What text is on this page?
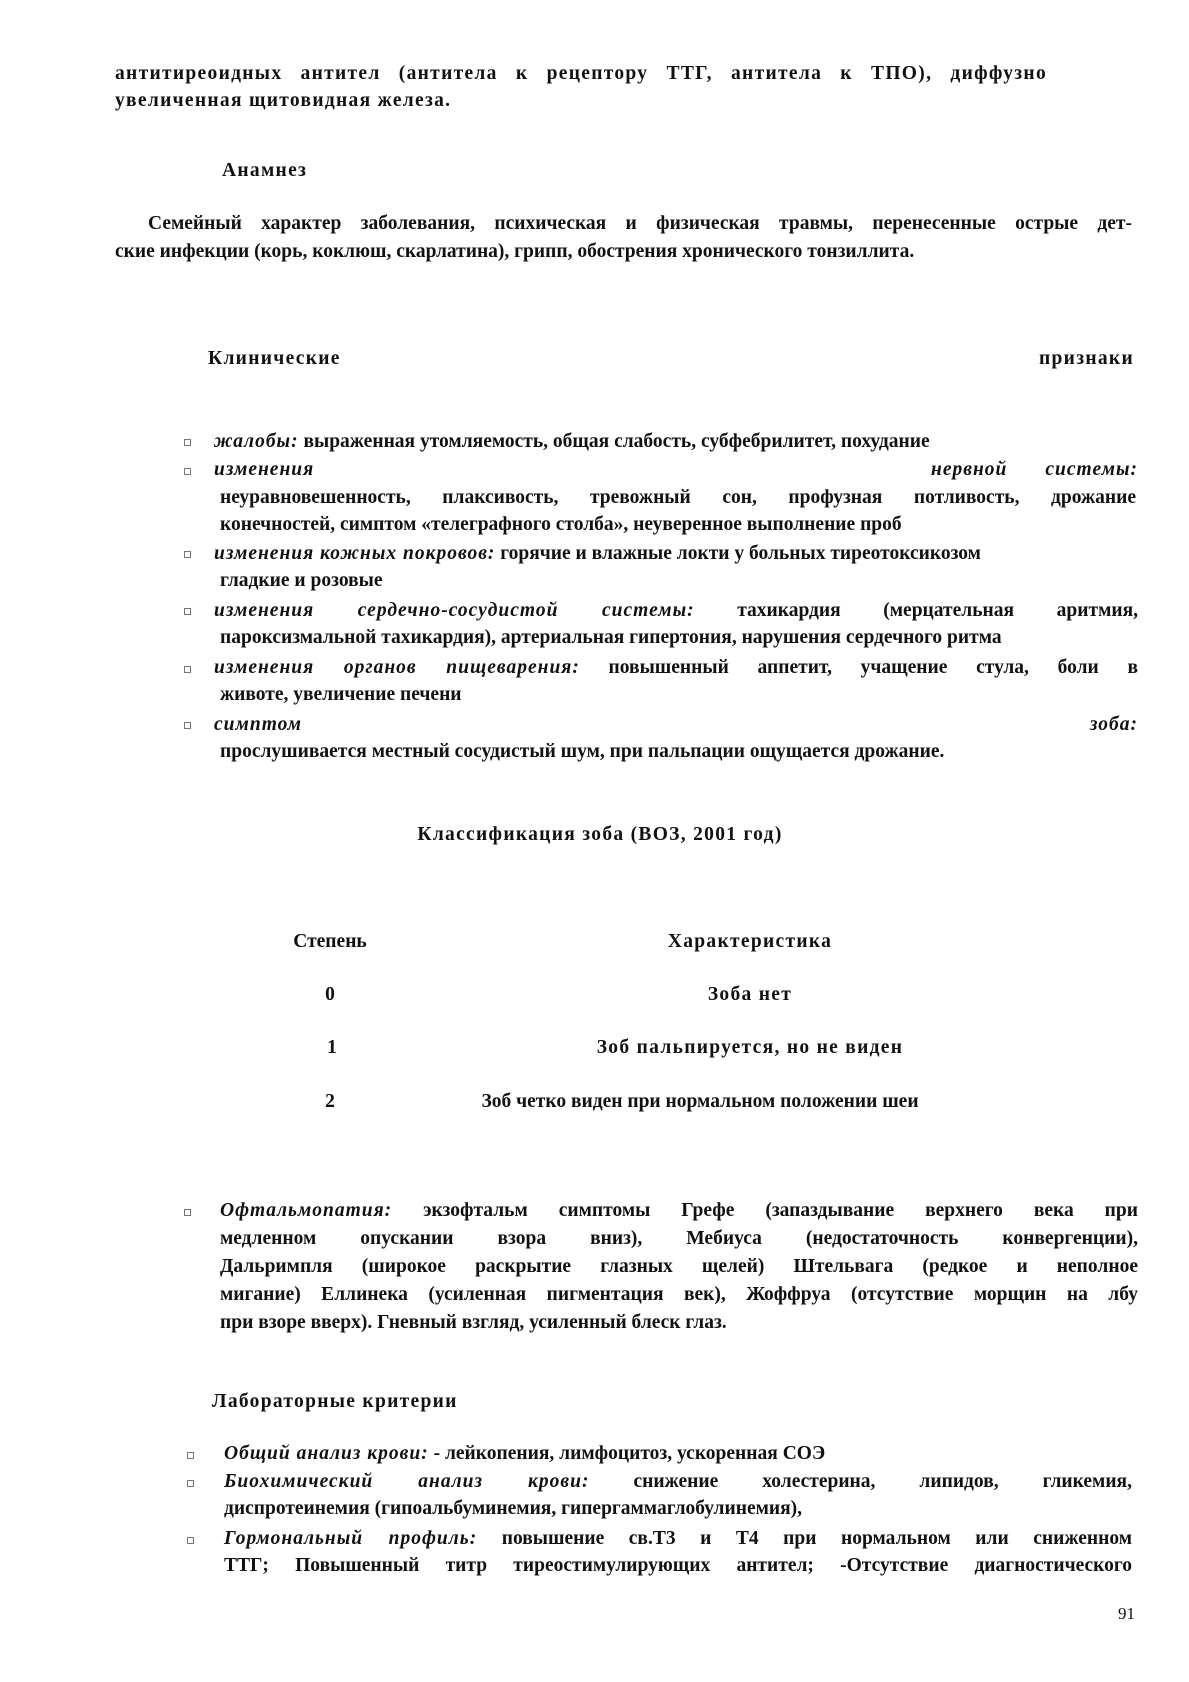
антитиреоидных антител (антитела к рецептору ТТГ, антитела к ТПО), диффузно
увеличенная щитовидная железа.
Анамнез
Семейный характер заболевания, психическая и физическая травмы, перенесенные острые дет-
ские инфекции (корь, коклюш, скарлатина), грипп, обострения хронического тонзиллита.
Клинические	признаки
жалобы: выраженная утомляемость, общая слабость, субфебрилитет, похудание
изменения	нервной системы:
неуравновешенность, плаксивость, тревожный сон, профузная потливость, дрожание
конечностей, симптом «телеграфного столба», неуверенное выполнение проб
изменения кожных покровов: горячие и влажные локти у больных тиреотоксикозом
гладкие и розовые
изменения сердечно-сосудистой системы: тахикардия (мерцательная аритмия,
пароксизмальной тахикардия), артериальная гипертония, нарушения сердечного ритма
изменения органов пищеварения: повышенный аппетит, учащение стула, боли в
животе, увеличение печени
симптом	зоба:
прослушивается местный сосудистый шум, при пальпации ощущается дрожание.
Классификация зоба (ВОЗ, 2001 год)
Степень	Характеристика
0	Зоба нет
1	Зоб пальпируется, но не виден
2	Зоб четко виден при нормальном положении шеи
Офтальмопатия: экзофтальм симптомы Грефе (запаздывание верхнего века при
медленном опускании взора вниз), Мебиуса (недостаточность конвергенции),
Дальримпля (широкое раскрытие глазных щелей) Штельвага (редкое и неполное
мигание) Еллинека (усиленная пигментация век), Жоффруа (отсутствие морщин на лбу
при взоре вверх). Гневный взгляд, усиленный блеск глаз.
Лабораторные критерии
Общий анализ крови: - лейкопения, лимфоцитоз, ускоренная СОЭ
Биохимический анализ крови: снижение холестерина, липидов, гликемия,
диспротеинемия (гипоальбуминемия, гипергаммаглобулинемия),
Гормональный профиль: повышение св.Т3 и Т4 при нормальном или сниженном
ТТГ; Повышенный титр тиреостимулирующих антител; -Отсутствие диагностического
91
